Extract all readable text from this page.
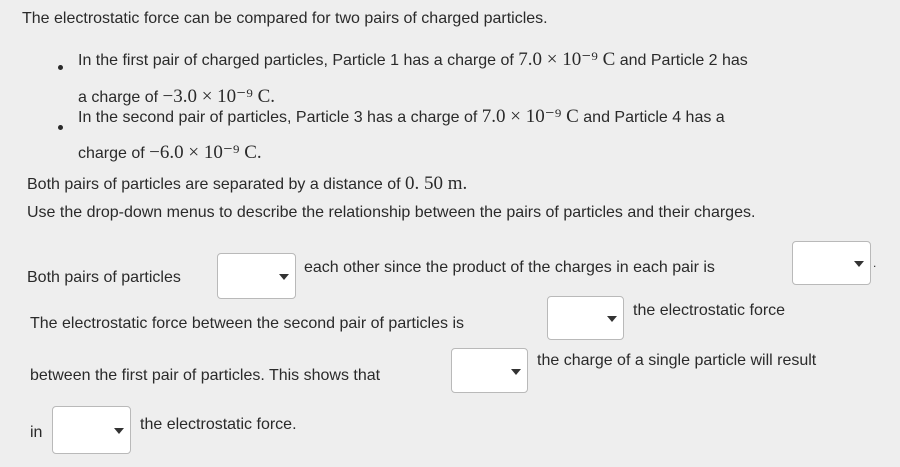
The electrostatic force can be compared for two pairs of charged particles.
In the first pair of charged particles, Particle 1 has a charge of 7.0 × 10⁻⁹ C and Particle 2 has
a charge of −3.0 × 10⁻⁹ C.
In the second pair of particles, Particle 3 has a charge of 7.0 × 10⁻⁹ C and Particle 4 has a
charge of −6.0 × 10⁻⁹ C.
Both pairs of particles are separated by a distance of 0. 50 m.
Use the drop-down menus to describe the relationship between the pairs of particles and their charges.
Both pairs of particles
each other since the product of the charges in each pair is	.
The electrostatic force between the second pair of particles is
the electrostatic force
between the first pair of particles. This shows that
the charge of a single particle will result
in	the electrostatic force.
